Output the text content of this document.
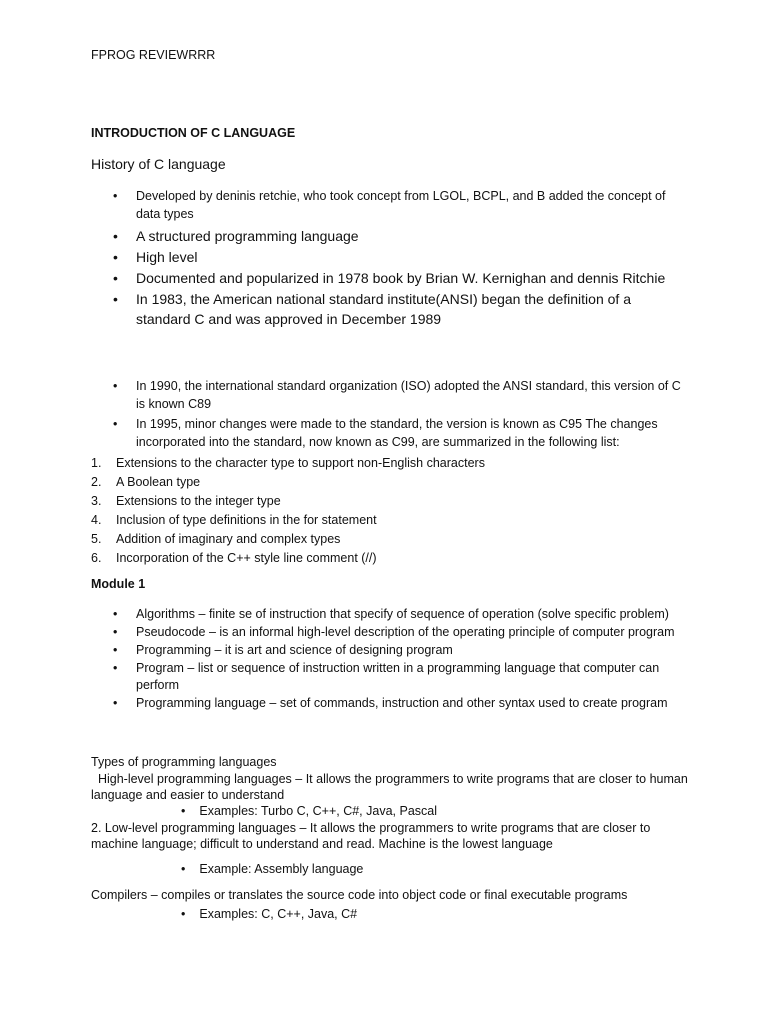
FPROG REVIEWRRR
INTRODUCTION OF C LANGUAGE
History of C language
• Developed by deninis retchie, who took concept from LGOL, BCPL, and B added the concept of data types
• A structured programming language
• High level
• Documented and popularized in 1978 book by Brian W. Kernighan and dennis Ritchie
• In 1983, the American national standard institute(ANSI) began the definition of a standard C and was approved in December 1989
• In 1990, the international standard organization (ISO) adopted the ANSI standard, this version of C is known C89
• In 1995, minor changes were made to the standard, the version is known as C95 The changes incorporated into the standard, now known as C99, are summarized in the following list:
1. Extensions to the character type to support non-English characters
2. A Boolean type
3. Extensions to the integer type
4. Inclusion of type definitions in the for statement
5. Addition of imaginary and complex types
6. Incorporation of the C++ style line comment (//)
Module 1
• Algorithms – finite se of instruction that specify of sequence of operation (solve specific problem)
• Pseudocode – is an informal high-level description of the operating principle of computer program
• Programming – it is art and science of designing program
• Program – list or sequence of instruction written in a programming language that computer can perform
• Programming language – set of commands, instruction and other syntax used to create program
Types of programming languages
High-level programming languages – It allows the programmers to write programs that are closer to human language and easier to understand
• Examples: Turbo C, C++, C#, Java, Pascal
2. Low-level programming languages – It allows the programmers to write programs that are closer to machine language; difficult to understand and read. Machine is the lowest language
• Example: Assembly language
Compilers – compiles or translates the source code into object code or final executable programs
• Examples: C, C++, Java, C#
